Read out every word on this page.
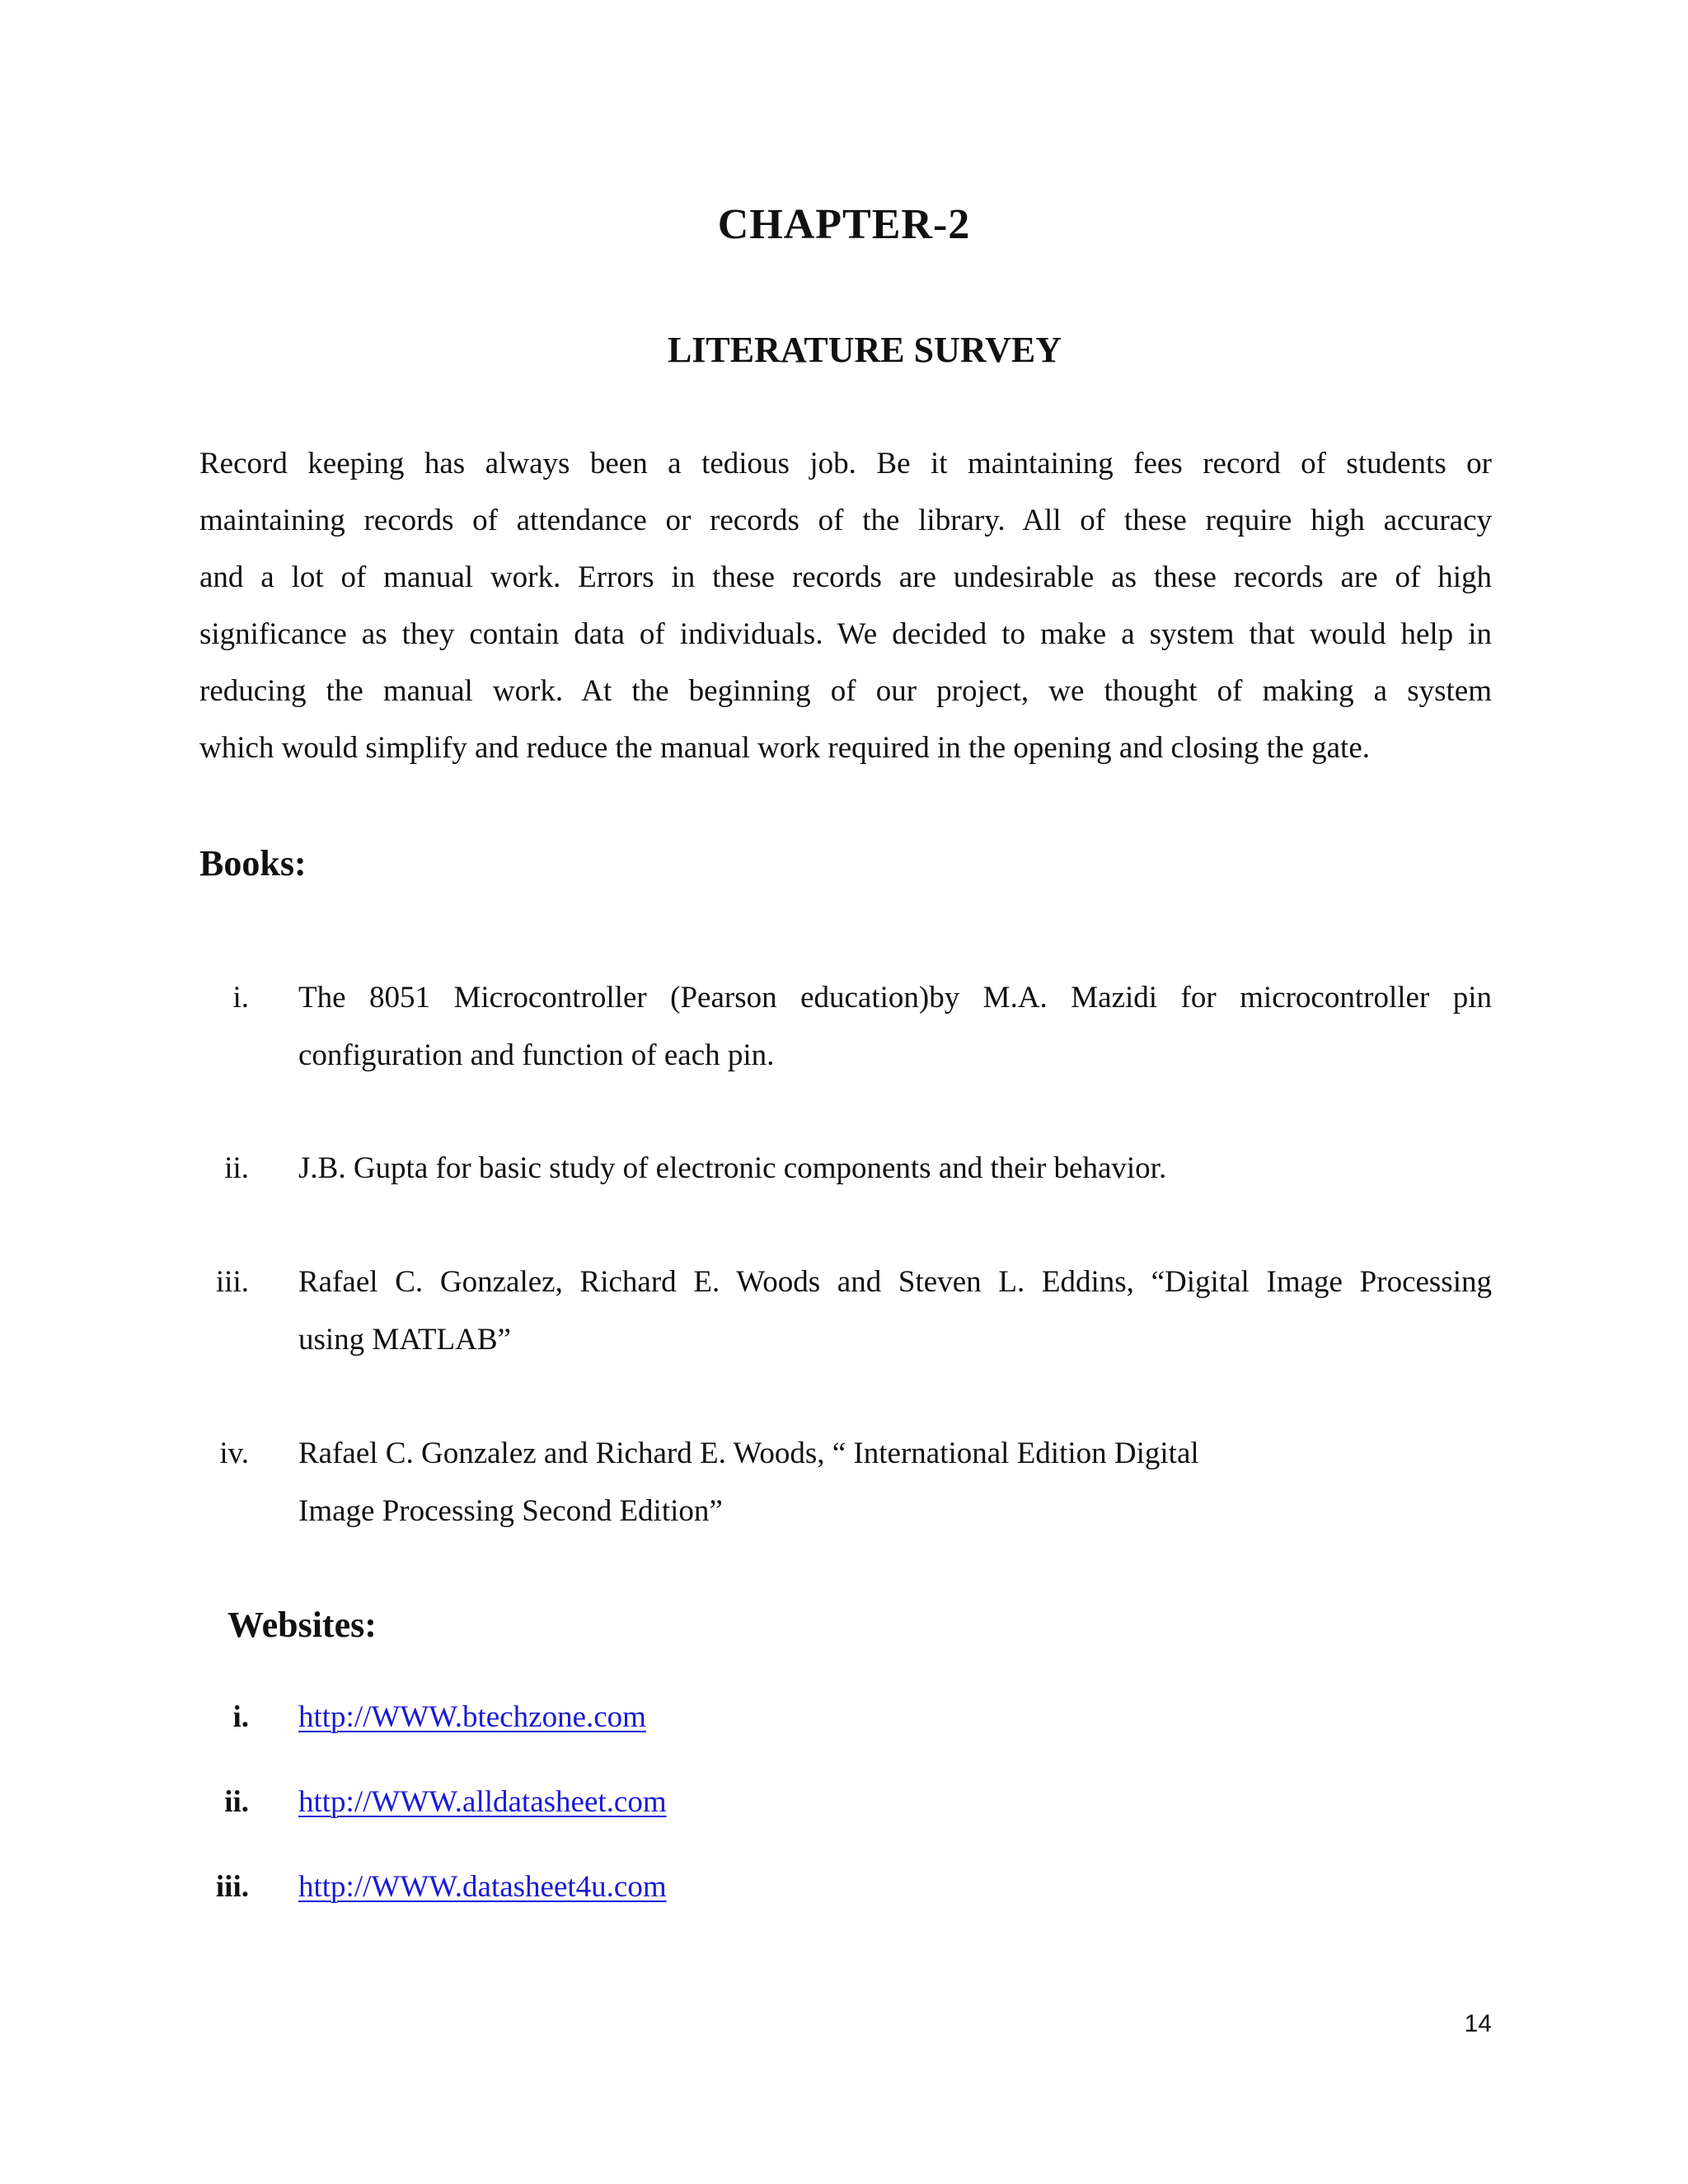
CHAPTER-2
LITERATURE SURVEY
Record keeping has always been a tedious job. Be it maintaining fees record of students or
maintaining records of attendance or records of the library. All of these require high accuracy
and a lot of manual work. Errors in these records are undesirable as these records are of high
significance as they contain data of individuals. We decided to make a system that would help in
reducing the manual work. At the beginning of our project, we thought of making a system
which would simplify and reduce the manual work required in the opening and closing the gate.
Books:
i. The 8051 Microcontroller (Pearson education)by M.A. Mazidi for microcontroller pin
configuration and function of each pin.
ii. J.B. Gupta for basic study of electronic components and their behavior.
iii. Rafael C. Gonzalez, Richard E. Woods and Steven L. Eddins, “Digital Image Processing
using MATLAB”
iv. Rafael C. Gonzalez and Richard E. Woods, “ International Edition Digital
Image Processing Second Edition”
Websites:
i. http://WWW.btechzone.com
ii. http://WWW.alldatasheet.com
iii. http://WWW.datasheet4u.com
14
